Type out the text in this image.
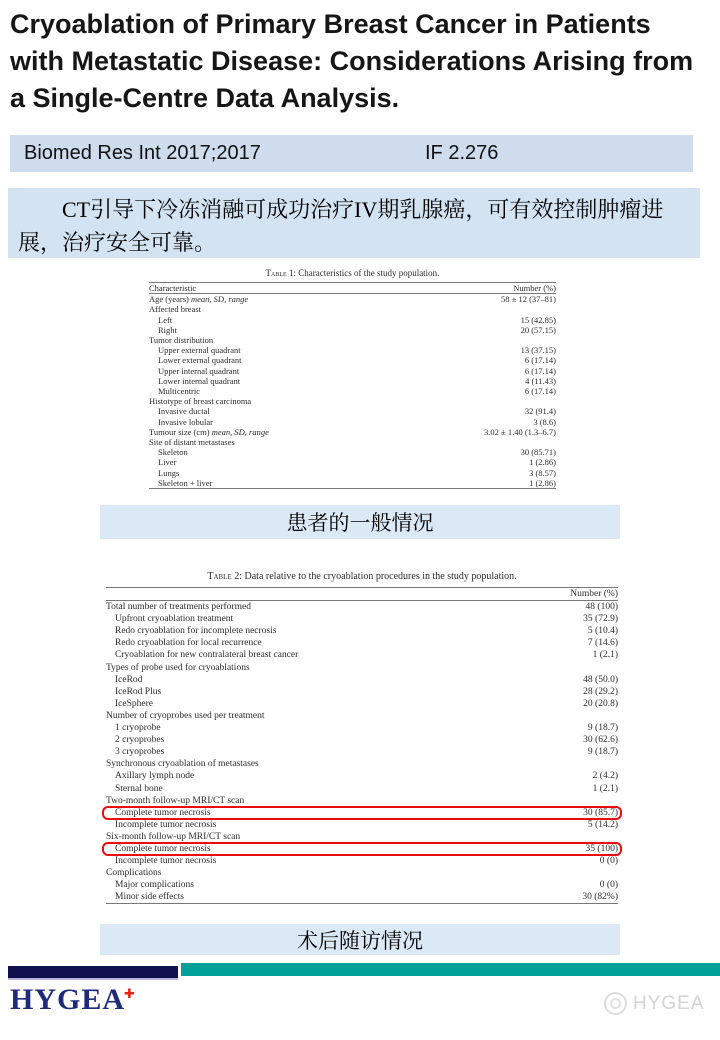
Cryoablation of Primary Breast Cancer in Patients with Metastatic Disease: Considerations Arising from a Single-Centre Data Analysis.
Biomed Res Int 2017;2017	IF 2.276
CT引导下冷冻消融可成功治疗IV期乳腺癌，可有效控制肿瘤进展，治疗安全可靠。
Table 1: Characteristics of the study population.
Characteristic	Number (%)
Age (years) mean, SD, range	58 ± 12 (37–81)
Affected breast
Left	15 (42.85)
Right	20 (57.15)
Tumor distribution
Upper external quadrant	13 (37.15)
Lower external quadrant	6 (17.14)
Upper internal quadrant	6 (17.14)
Lower internal quadrant	4 (11.43)
Multicentric	6 (17.14)
Histotype of breast carcinoma
Invasive ductal	32 (91.4)
Invasive lobular	3 (8.6)
Tumour size (cm) mean, SD, range	3.02 ± 1.40 (1.3–6.7)
Site of distant metastases
Skeleton	30 (85.71)
Liver	1 (2.86)
Lungs	3 (8.57)
Skeleton + liver	1 (2.86)
患者的一般情况
Table 2: Data relative to the cryoablation procedures in the study population.
Number (%)
Total number of treatments performed	48 (100)
Upfront cryoablation treatment	35 (72.9)
Redo cryoablation for incomplete necrosis	5 (10.4)
Redo cryoablation for local recurrence	7 (14.6)
Cryoablation for new contralateral breast cancer	1 (2.1)
Types of probe used for cryoablations
IceRod	48 (50.0)
IceRod Plus	28 (29.2)
IceSphere	20 (20.8)
Number of cryoprobes used per treatment
1 cryoprobe	9 (18.7)
2 cryoprobes	30 (62.6)
3 cryoprobes	9 (18.7)
Synchronous cryoablation of metastases
Axillary lymph node	2 (4.2)
Sternal bone	1 (2.1)
Two-month follow-up MRI/CT scan
Complete tumor necrosis	30 (85.7)
Incomplete tumor necrosis	5 (14.2)
Six-month follow-up MRI/CT scan
Complete tumor necrosis	35 (100)
Incomplete tumor necrosis	0 (0)
Complications
Major complications	0 (0)
Minor side effects	30 (82%)
术后随访情况
HYGEA✚	HYGEA
